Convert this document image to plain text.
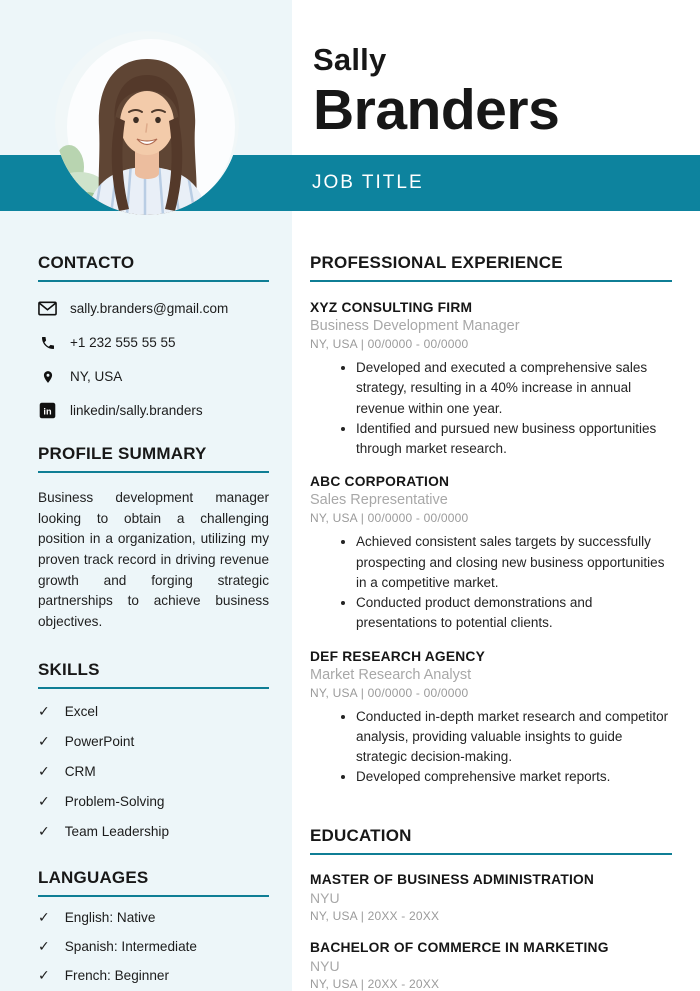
JOB TITLE
Sally
Branders
CONTACTO
sally.branders@gmail.com
+1 232 555 55 55
NY, USA
in linkedin/sally.branders
PROFILE SUMMARY

Business development manager looking to obtain a challenging position in a organization, utilizing my proven track record in driving revenue growth and forging strategic partnerships to achieve business objectives.

SKILLS
✓ Excel
✓ PowerPoint
✓ CRM
✓ Problem-Solving
✓ Team Leadership
LANGUAGES
✓ English: Native
✓ Spanish: Intermediate
✓ French: Beginner
PROFESSIONAL EXPERIENCE
XYZ CONSULTING FIRM
Business Development Manager
NY, USA | 00/0000 - 00/0000
• Developed and executed a comprehensive sales strategy, resulting in a 40% increase in annual revenue within one year.
• Identified and pursued new business opportunities through market research.
ABC CORPORATION
Sales Representative
NY, USA | 00/0000 - 00/0000
• Achieved consistent sales targets by successfully prospecting and closing new business opportunities in a competitive market.
• Conducted product demonstrations and presentations to potential clients.
DEF RESEARCH AGENCY
Market Research Analyst
NY, USA | 00/0000 - 00/0000
• Conducted in-depth market research and competitor analysis, providing valuable insights to guide strategic decision-making.
• Developed comprehensive market reports.
EDUCATION
MASTER OF BUSINESS ADMINISTRATION
NYU
NY, USA | 20XX - 20XX
BACHELOR OF COMMERCE IN MARKETING
NYU
NY, USA | 20XX - 20XX
